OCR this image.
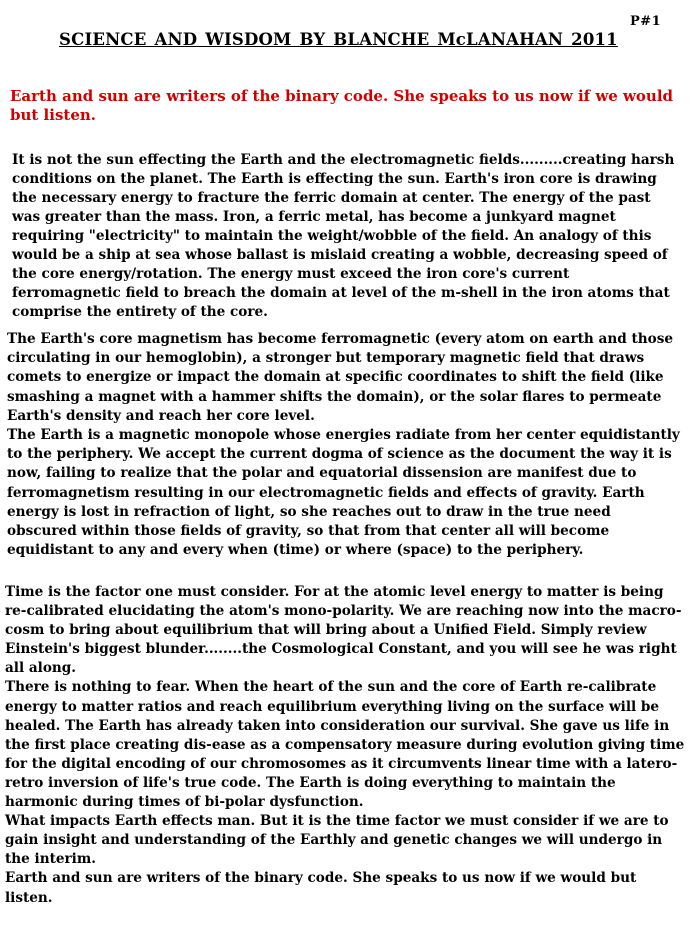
P#1
SCIENCE AND WISDOM BY BLANCHE McLANAHAN 2011

Earth and sun are writers of the binary code. She speaks to us now if we would but listen.

It is not the sun effecting the Earth and the electromagnetic fields.........creating harsh conditions on the planet. The Earth is effecting the sun. Earth's iron core is drawing the necessary energy to fracture the ferric domain at center. The energy of the past was greater than the mass. Iron, a ferric metal, has become a junkyard magnet requiring "electricity" to maintain the weight/wobble of the field. An analogy of this would be a ship at sea whose ballast is mislaid creating a wobble, decreasing speed of the core energy/rotation. The energy must exceed the iron core's current ferromagnetic field to breach the domain at level of the m-shell in the iron atoms that comprise the entirety of the core.

The Earth's core magnetism has become ferromagnetic (every atom on earth and those circulating in our hemoglobin), a stronger but temporary magnetic field that draws comets to energize or impact the domain at specific coordinates to shift the field (like smashing a magnet with a hammer shifts the domain), or the solar flares to permeate Earth's density and reach her core level.

The Earth is a magnetic monopole whose energies radiate from her center equidistantly to the periphery. We accept the current dogma of science as the document the way it is now, failing to realize that the polar and equatorial dissension are manifest due to ferromagnetism resulting in our electromagnetic fields and effects of gravity. Earth energy is lost in refraction of light, so she reaches out to draw in the true need obscured within those fields of gravity, so that from that center all will become equidistant to any and every when (time) or where (space) to the periphery.

Time is the factor one must consider. For at the atomic level energy to matter is being re-calibrated elucidating the atom's mono-polarity. We are reaching now into the macro-cosm to bring about equilibrium that will bring about a Unified Field. Simply review Einstein's biggest blunder........the Cosmological Constant, and you will see he was right all along.

There is nothing to fear. When the heart of the sun and the core of Earth re-calibrate energy to matter ratios and reach equilibrium everything living on the surface will be healed. The Earth has already taken into consideration our survival. She gave us life in the first place creating dis-ease as a compensatory measure during evolution giving time for the digital encoding of our chromosomes as it circumvents linear time with a latero-retro inversion of life's true code. The Earth is doing everything to maintain the harmonic during times of bi-polar dysfunction.

What impacts Earth effects man. But it is the time factor we must consider if we are to gain insight and understanding of the Earthly and genetic changes we will undergo in the interim.

Earth and sun are writers of the binary code. She speaks to us now if we would but listen.
